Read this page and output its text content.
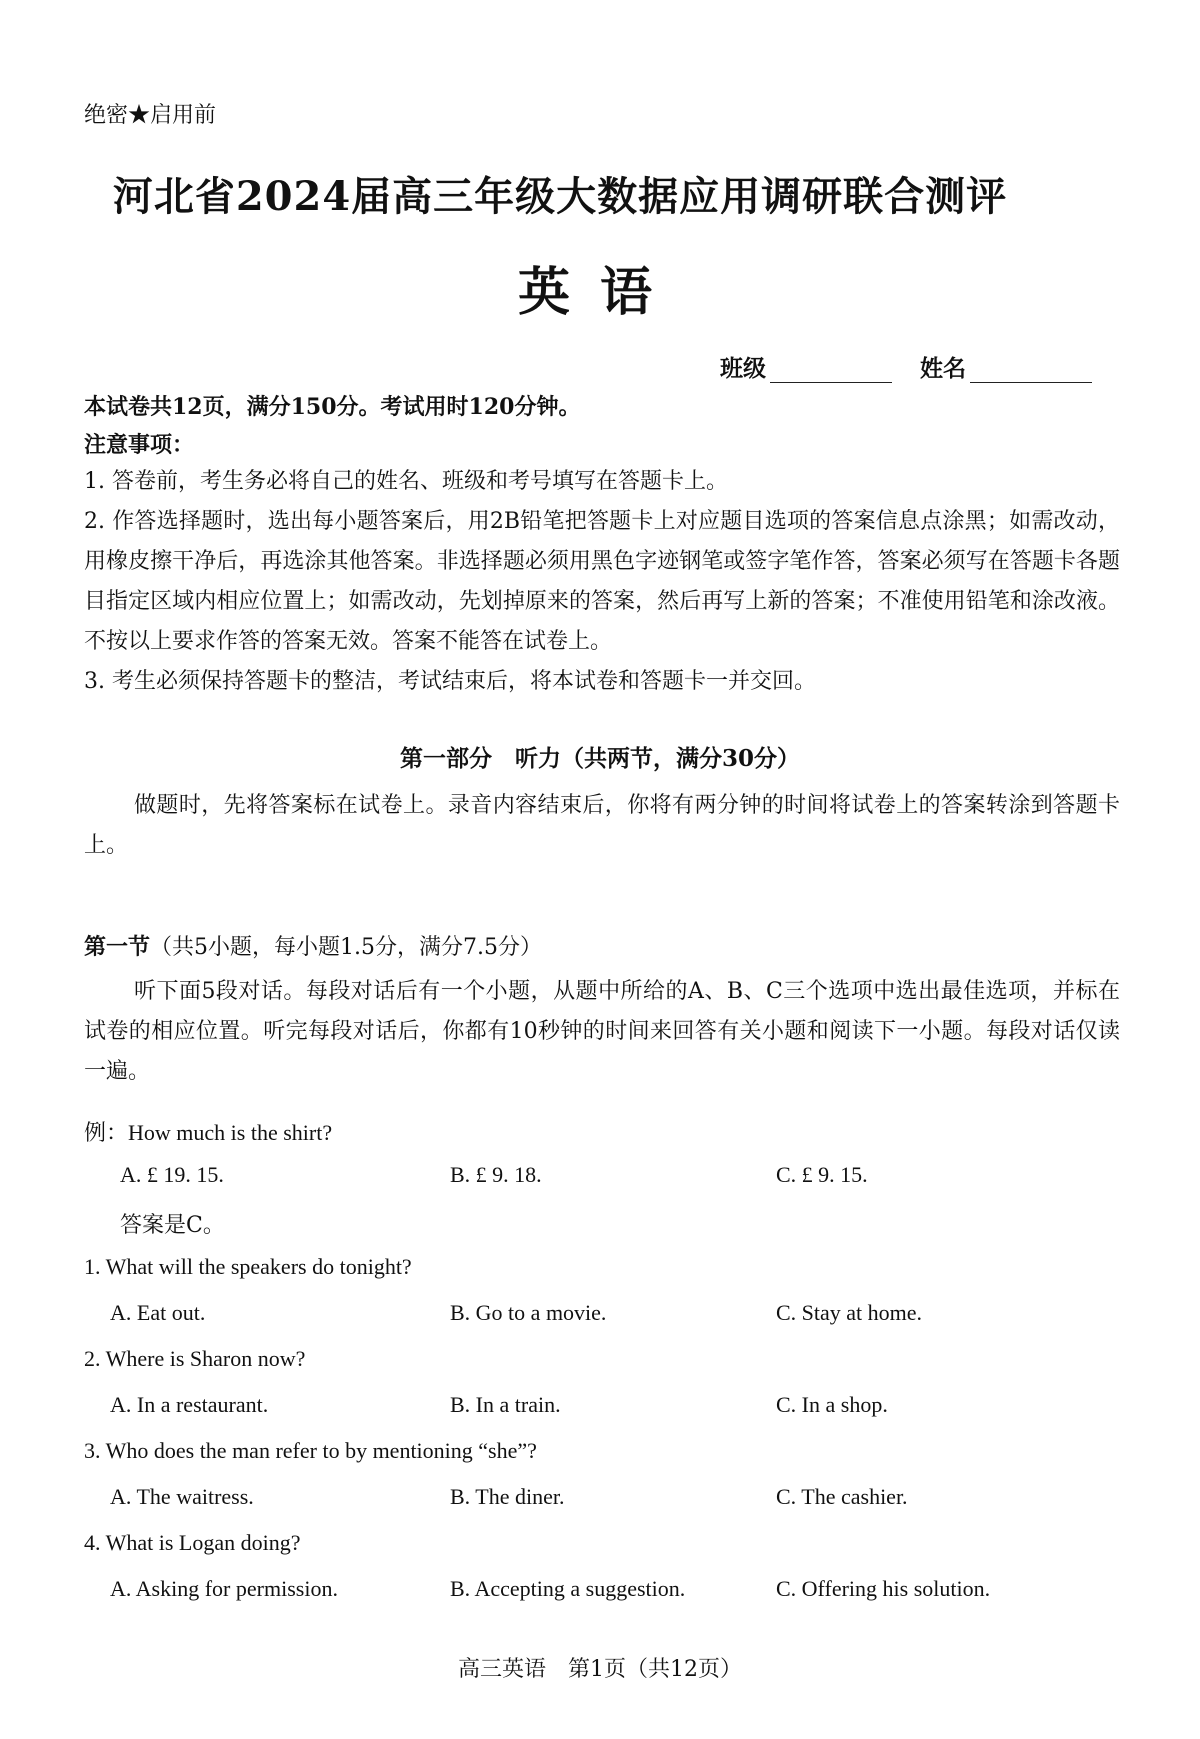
绝密★启用前
河北省2024届高三年级大数据应用调研联合测评
英语
班级	姓名
本试卷共12页，满分150分。考试用时120分钟。
注意事项：
1. 答卷前，考生务必将自己的姓名、班级和考号填写在答题卡上。
2. 作答选择题时，选出每小题答案后，用2B铅笔把答题卡上对应题目选项的答案信息点涂黑；如需改动，用橡皮擦干净后，再选涂其他答案。非选择题必须用黑色字迹钢笔或签字笔作答，答案必须写在答题卡各题目指定区域内相应位置上；如需改动，先划掉原来的答案，然后再写上新的答案；不准使用铅笔和涂改液。不按以上要求作答的答案无效。答案不能答在试卷上。
3. 考生必须保持答题卡的整洁，考试结束后，将本试卷和答题卡一并交回。
第一部分　听力（共两节，满分30分）
做题时，先将答案标在试卷上。录音内容结束后，你将有两分钟的时间将试卷上的答案转涂到答题卡上。
第一节（共5小题，每小题1.5分，满分7.5分）
听下面5段对话。每段对话后有一个小题，从题中所给的A、B、C三个选项中选出最佳选项，并标在试卷的相应位置。听完每段对话后，你都有10秒钟的时间来回答有关小题和阅读下一小题。每段对话仅读一遍。
例：How much is the shirt?
A. £ 19. 15.	B. £ 9. 18.	C. £ 9. 15.
答案是C。
1. What will the speakers do tonight?
A. Eat out.	B. Go to a movie.	C. Stay at home.
2. Where is Sharon now?
A. In a restaurant.	B. In a train.	C. In a shop.
3. Who does the man refer to by mentioning “she”?
A. The waitress.	B. The diner.	C. The cashier.
4. What is Logan doing?
A. Asking for permission.	B. Accepting a suggestion.	C. Offering his solution.
高三英语　第1页（共12页）
